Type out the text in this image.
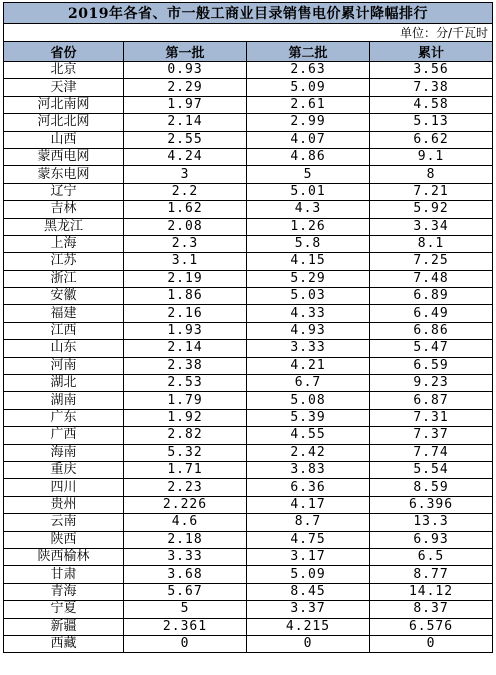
2019年各省、市一般工商业目录销售电价累计降幅排行			
单位：分/千瓦时			
省份	第一批	第二批	累计
北京	0.93	2.63	3.56
天津	2.29	5.09	7.38
河北南网	1.97	2.61	4.58
河北北网	2.14	2.99	5.13
山西	2.55	4.07	6.62
蒙西电网	4.24	4.86	9.1
蒙东电网	3	5	8
辽宁	2.2	5.01	7.21
吉林	1.62	4.3	5.92
黑龙江	2.08	1.26	3.34
上海	2.3	5.8	8.1
江苏	3.1	4.15	7.25
浙江	2.19	5.29	7.48
安徽	1.86	5.03	6.89
福建	2.16	4.33	6.49
江西	1.93	4.93	6.86
山东	2.14	3.33	5.47
河南	2.38	4.21	6.59
湖北	2.53	6.7	9.23
湖南	1.79	5.08	6.87
广东	1.92	5.39	7.31
广西	2.82	4.55	7.37
海南	5.32	2.42	7.74
重庆	1.71	3.83	5.54
四川	2.23	6.36	8.59
贵州	2.226	4.17	6.396
云南	4.6	8.7	13.3
陕西	2.18	4.75	6.93
陕西榆林	3.33	3.17	6.5
甘肃	3.68	5.09	8.77
青海	5.67	8.45	14.12
宁夏	5	3.37	8.37
新疆	2.361	4.215	6.576
西藏	0	0	0
